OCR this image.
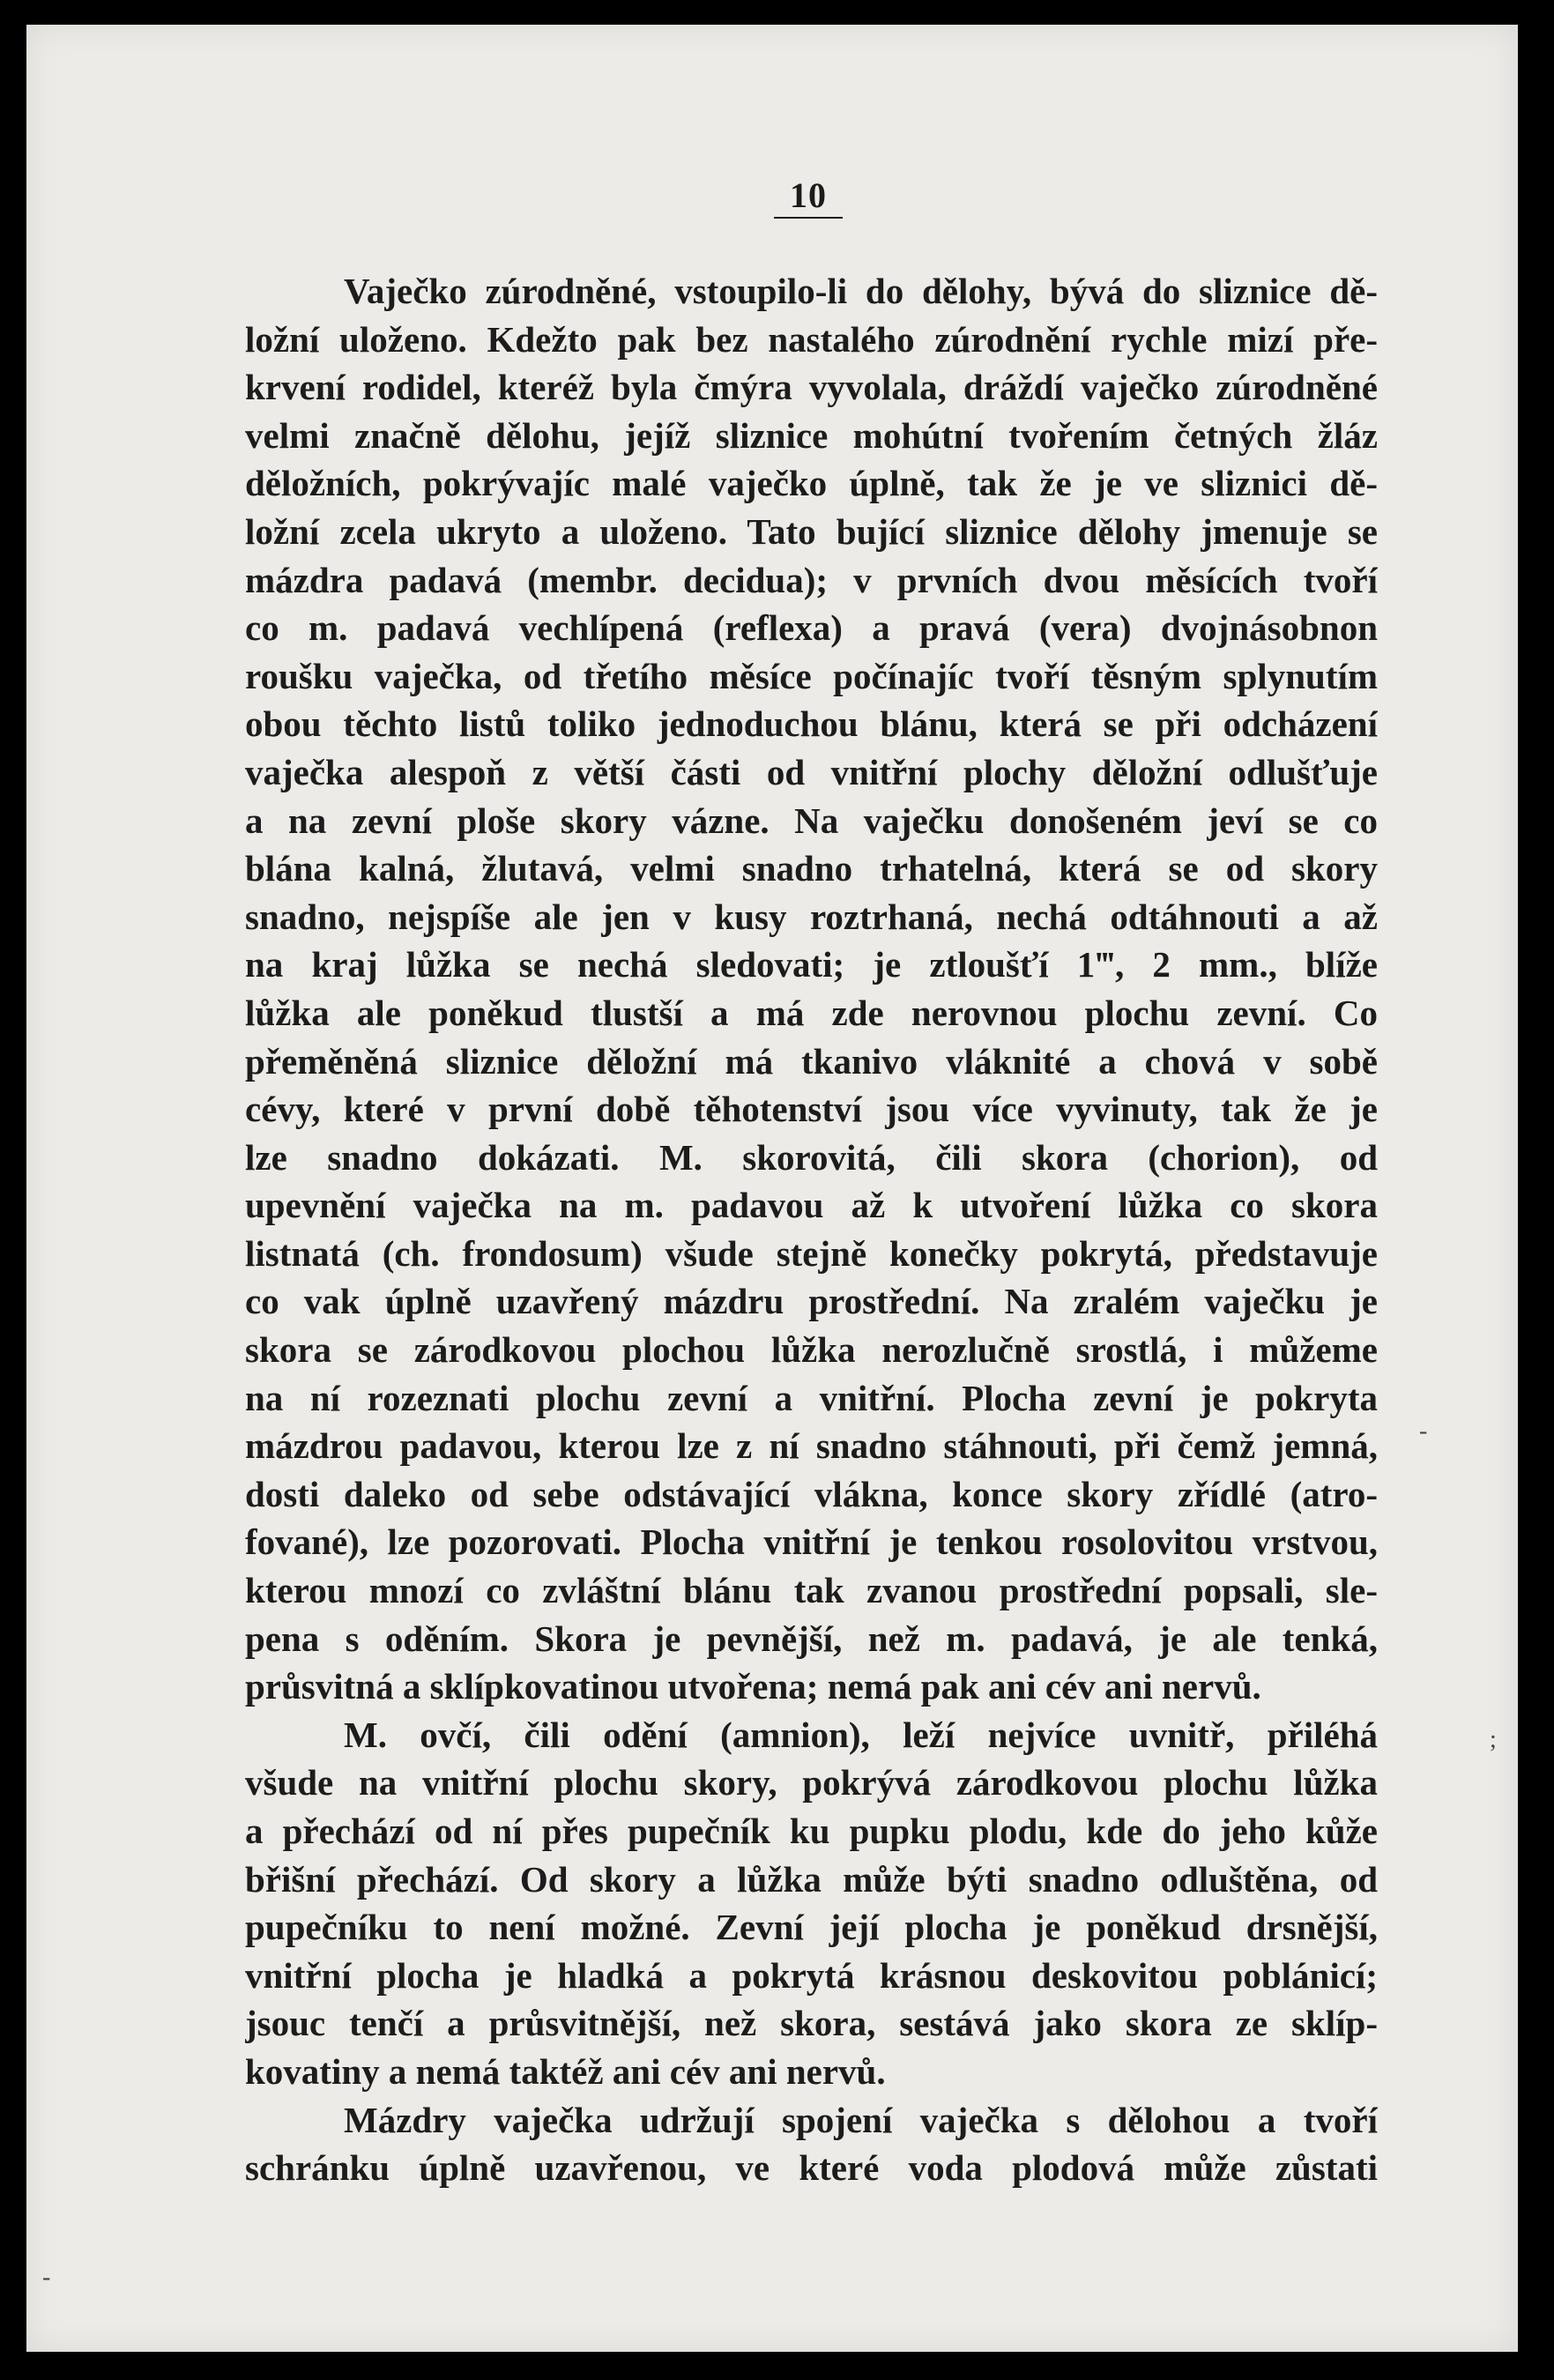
10
Vaječko zúrodněné, vstoupilo-li do dělohy, bývá do sliznice dě-
ložní uloženo. Kdežto pak bez nastalého zúrodnění rychle mizí pře-
krvení rodidel, kteréž byla čmýra vyvolala, dráždí vaječko zúrodněné
velmi značně dělohu, jejíž sliznice mohútní tvořením četných žláz
děložních, pokrývajíc malé vaječko úplně, tak že je ve sliznici dě-
ložní zcela ukryto a uloženo. Tato bující sliznice dělohy jmenuje se
mázdra padavá (membr. decidua); v prvních dvou měsících tvoří
co m. padavá vechlípená (reflexa) a pravá (vera) dvojnásobnon
roušku vaječka, od třetího měsíce počínajíc tvoří těsným splynutím
obou těchto listů toliko jednoduchou blánu, která se při odcházení
vaječka alespoň z větší části od vnitřní plochy děložní odlušťuje
a na zevní ploše skory vázne. Na vaječku donošeném jeví se co
blána kalná, žlutavá, velmi snadno trhatelná, která se od skory
snadno, nejspíše ale jen v kusy roztrhaná, nechá odtáhnouti a až
na kraj lůžka se nechá sledovati; je ztloušťí 1‴, 2 mm., blíže
lůžka ale poněkud tlustší a má zde nerovnou plochu zevní. Co
přeměněná sliznice děložní má tkanivo vláknité a chová v sobě
cévy, které v první době těhotenství jsou více vyvinuty, tak že je
lze snadno dokázati. M. skorovitá, čili skora (chorion), od
upevnění vaječka na m. padavou až k utvoření lůžka co skora
listnatá (ch. frondosum) všude stejně konečky pokrytá, představuje
co vak úplně uzavřený mázdru prostřední. Na zralém vaječku je
skora se zárodkovou plochou lůžka nerozlučně srostlá, i můžeme
na ní rozeznati plochu zevní a vnitřní. Plocha zevní je pokryta
mázdrou padavou, kterou lze z ní snadno stáhnouti, při čemž jemná,
dosti daleko od sebe odstávající vlákna, konce skory zřídlé (atro-
fované), lze pozorovati. Plocha vnitřní je tenkou rosolovitou vrstvou,
kterou mnozí co zvláštní blánu tak zvanou prostřední popsali, sle-
pena s oděním. Skora je pevnější, než m. padavá, je ale tenká,
průsvitná a sklípkovatinou utvořena; nemá pak ani cév ani nervů.
M. ovčí, čili odění (amnion), leží nejvíce uvnitř, přiléhá
všude na vnitřní plochu skory, pokrývá zárodkovou plochu lůžka
a přechází od ní přes pupečník ku pupku plodu, kde do jeho kůže
břišní přechází. Od skory a lůžka může býti snadno odluštěna, od
pupečníku to není možné. Zevní její plocha je poněkud drsnější,
vnitřní plocha je hladká a pokrytá krásnou deskovitou poblánicí;
jsouc tenčí a průsvitnější, než skora, sestává jako skora ze sklíp-
kovatiny a nemá taktéž ani cév ani nervů.
Mázdry vaječka udržují spojení vaječka s dělohou a tvoří
schránku úplně uzavřenou, ve které voda plodová může zůstati
;
-
-
